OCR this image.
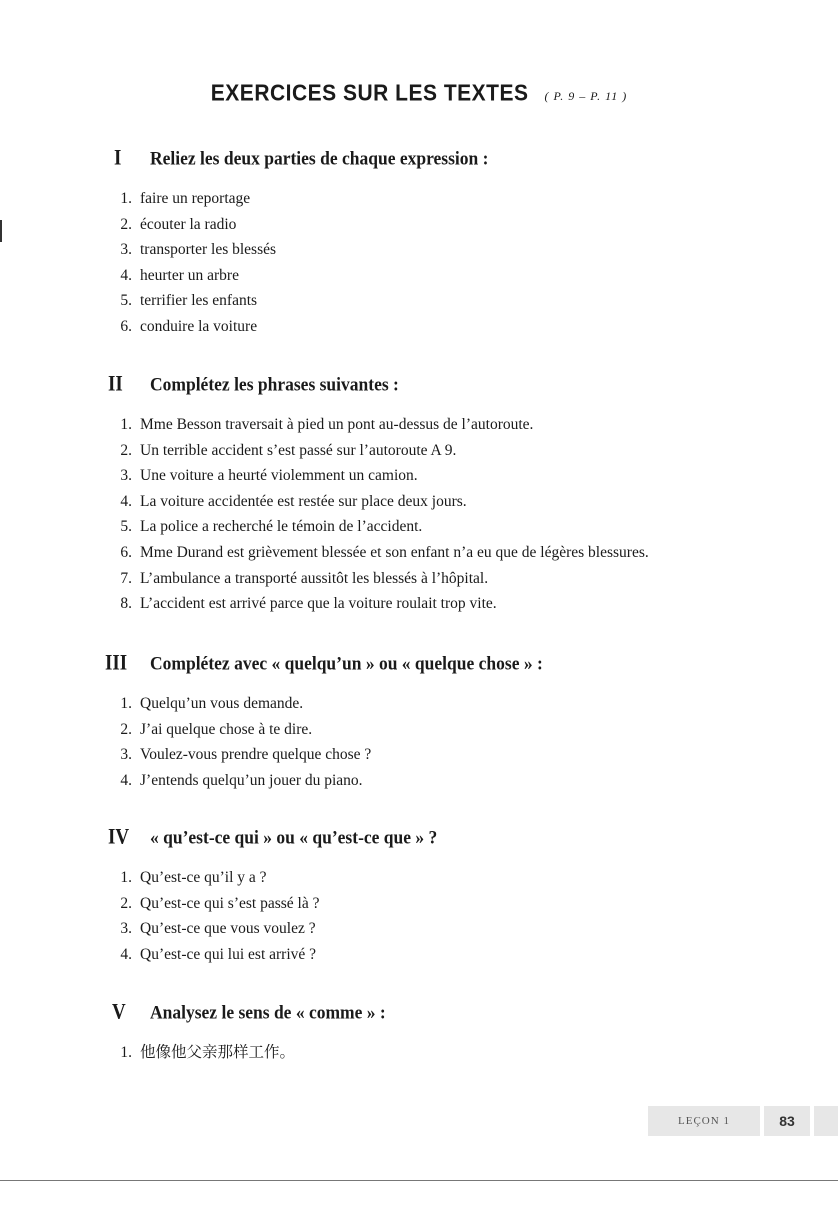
EXERCICES SUR LES TEXTES ( P. 9 – P. 11 )
I Reliez les deux parties de chaque expression :
1. faire un reportage
2. écouter la radio
3. transporter les blessés
4. heurter un arbre
5. terrifier les enfants
6. conduire la voiture
II Complétez les phrases suivantes :
1. Mme Besson traversait à pied un pont au-dessus de l’autoroute.
2. Un terrible accident s’est passé sur l’autoroute A 9.
3. Une voiture a heurté violemment un camion.
4. La voiture accidentée est restée sur place deux jours.
5. La police a recherché le témoin de l’accident.
6. Mme Durand est grièvement blessée et son enfant n’a eu que de légères blessures.
7. L’ambulance a transporté aussitôt les blessés à l’hôpital.
8. L’accident est arrivé parce que la voiture roulait trop vite.
III Complétez avec « quelqu’un » ou « quelque chose » :
1. Quelqu’un vous demande.
2. J’ai quelque chose à te dire.
3. Voulez-vous prendre quelque chose ?
4. J’entends quelqu’un jouer du piano.
IV « qu’est-ce qui » ou « qu’est-ce que » ?
1. Qu’est-ce qu’il y a ?
2. Qu’est-ce qui s’est passé là ?
3. Qu’est-ce que vous voulez ?
4. Qu’est-ce qui lui est arrivé ?
V Analysez le sens de « comme » :
1. 他像他父亲那样工作。
LEÇON 1	83
